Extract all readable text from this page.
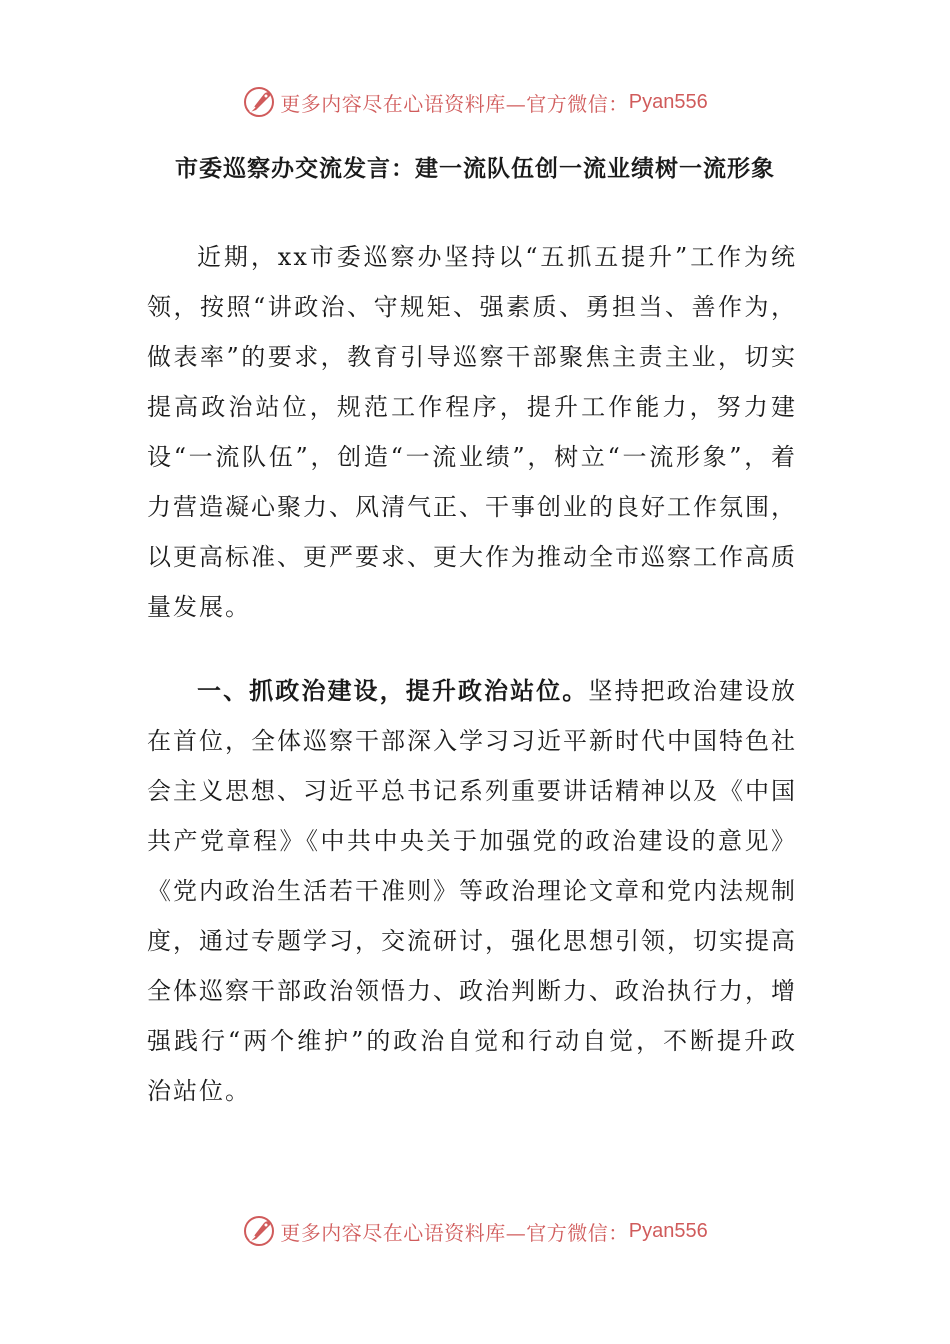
更多内容尽在心语资料库—官方微信： Pyan556
市委巡察办交流发言：建一流队伍创一流业绩树一流形象

近期，xx市委巡察办坚持以“五抓五提升”工作为统领，按照“讲政治、守规矩、强素质、勇担当、善作为，做表率”的要求，教育引导巡察干部聚焦主责主业，切实提高政治站位，规范工作程序，提升工作能力，努力建设“一流队伍”，创造“一流业绩”，树立“一流形象”，着力营造凝心聚力、风清气正、干事创业的良好工作氛围，以更高标准、更严要求、更大作为推动全市巡察工作高质量发展。

一、抓政治建设，提升政治站位。坚持把政治建设放在首位，全体巡察干部深入学习习近平新时代中国特色社会主义思想、习近平总书记系列重要讲话精神以及《中国共产党章程》《中共中央关于加强党的政治建设的意见》《党内政治生活若干准则》等政治理论文章和党内法规制度，通过专题学习，交流研讨，强化思想引领，切实提高全体巡察干部政治领悟力、政治判断力、政治执行力，增强践行“两个维护”的政治自觉和行动自觉，不断提升政治站位。

更多内容尽在心语资料库—官方微信： Pyan556
